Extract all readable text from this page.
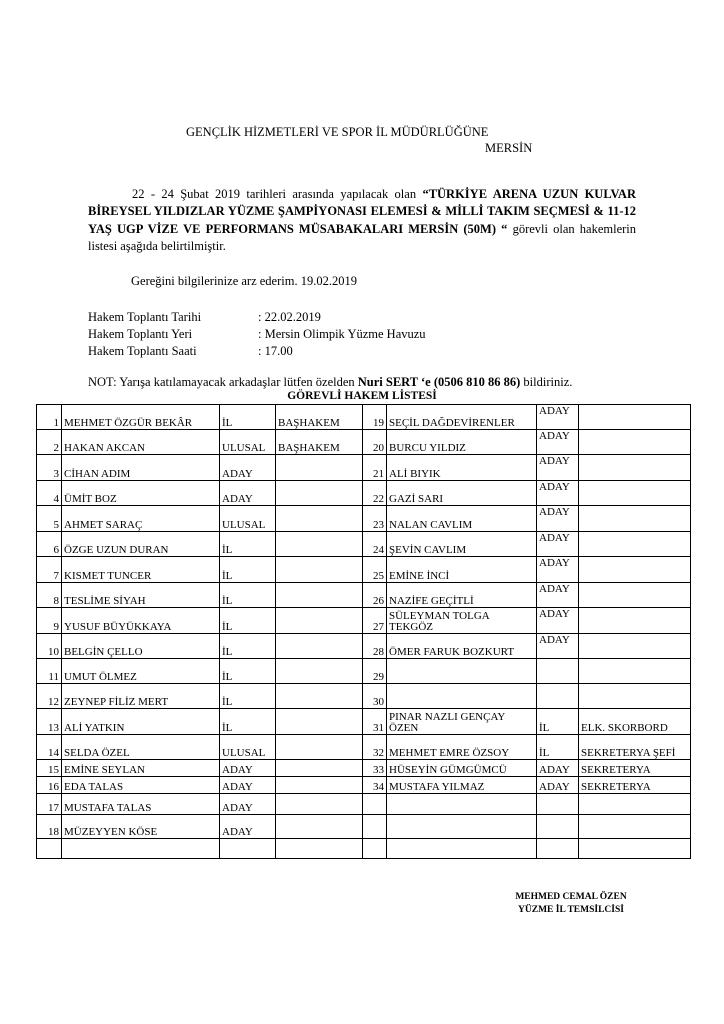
GENÇLİK HİZMETLERİ VE SPOR İL MÜDÜRLÜĞÜNE
MERSİN
22 - 24 Şubat 2019 tarihleri arasında yapılacak olan “TÜRKİYE ARENA UZUN KULVAR BİREYSEL YILDIZLAR YÜZME ŞAMPİYONASI ELEMESİ & MİLLİ TAKIM SEÇMESİ & 11-12 YAŞ UGP VİZE VE PERFORMANS MÜSABAKALARI MERSİN (50M) “ görevli olan hakemlerin listesi aşağıda belirtilmiştir.
Gereğini bilgilerinize arz ederim. 19.02.2019
Hakem Toplantı Tarihi	: 22.02.2019
Hakem Toplantı Yeri	: Mersin Olimpik Yüzme Havuzu
Hakem Toplantı Saati	: 17.00
NOT: Yarışa katılamayacak arkadaşlar lütfen özelden Nuri SERT ‘e (0506 810 86 86) bildiriniz.
GÖREVLİ HAKEM LİSTESİ
1	MEHMET ÖZGÜR BEKÂR	İL	BAŞHAKEM	19	SEÇİL DAĞDEVİRENLER	ADAY	
2	HAKAN AKCAN	ULUSAL	BAŞHAKEM	20	BURCU YILDIZ	ADAY	
3	CİHAN ADIM	ADAY		21	ALİ BIYIK	ADAY	
4	ÜMİT BOZ	ADAY		22	GAZİ SARI	ADAY	
5	AHMET SARAÇ	ULUSAL		23	NALAN CAVLIM	ADAY	
6	ÖZGE UZUN DURAN	İL		24	ŞEVİN CAVLIM	ADAY	
7	KISMET TUNCER	İL		25	EMİNE İNCİ	ADAY	
8	TESLİME SİYAH	İL		26	NAZİFE GEÇİTLİ	ADAY	
9	YUSUF BÜYÜKKAYA	İL		27	SÜLEYMAN TOLGA TEKGÖZ	ADAY	
10	BELGİN ÇELLO	İL		28	ÖMER FARUK BOZKURT	ADAY	
11	UMUT ÖLMEZ	İL		29			
12	ZEYNEP FİLİZ MERT	İL		30			
13	ALİ YATKIN	İL		31	PINAR NAZLI GENÇAY ÖZEN	İL	ELK. SKORBORD
14	SELDA ÖZEL	ULUSAL		32	MEHMET EMRE ÖZSOY	İL	SEKRETERYA ŞEFİ
15	EMİNE SEYLAN	ADAY		33	HÜSEYİN GÜMGÜMCÜ	ADAY	SEKRETERYA
16	EDA TALAS	ADAY		34	MUSTAFA YILMAZ	ADAY	SEKRETERYA
17	MUSTAFA TALAS	ADAY					
18	MÜZEYYEN KÖSE	ADAY					

MEHMED CEMAL ÖZEN
YÜZME İL TEMSİLCİSİ
